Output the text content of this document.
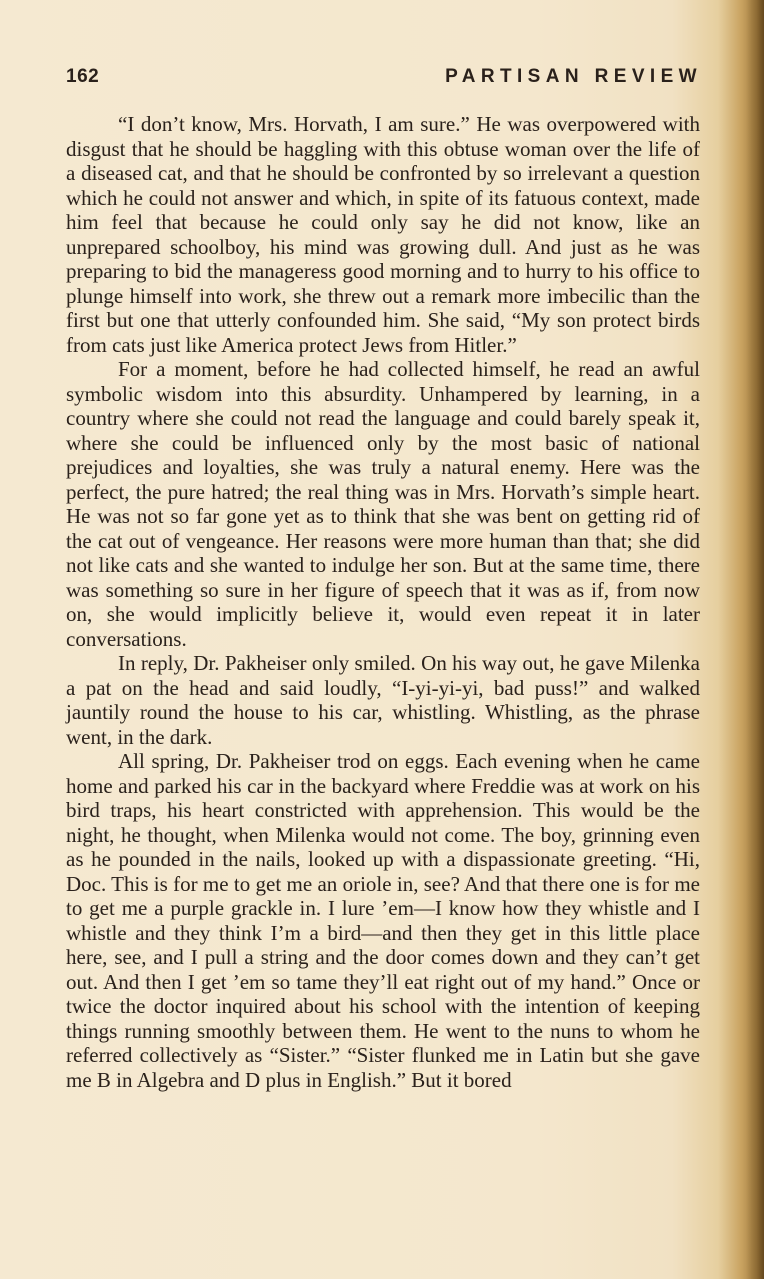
162	PARTISAN REVIEW

“I don’t know, Mrs. Horvath, I am sure.” He was overpowered with disgust that he should be haggling with this obtuse woman over the life of a diseased cat, and that he should be confronted by so irrelevant a question which he could not answer and which, in spite of its fatuous context, made him feel that because he could only say he did not know, like an unprepared schoolboy, his mind was growing dull. And just as he was preparing to bid the manageress good morning and to hurry to his office to plunge himself into work, she threw out a remark more imbecilic than the first but one that utterly confounded him. She said, “My son protect birds from cats just like America protect Jews from Hitler.”

For a moment, before he had collected himself, he read an awful symbolic wisdom into this absurdity. Unhampered by learning, in a country where she could not read the language and could barely speak it, where she could be influenced only by the most basic of national prejudices and loyalties, she was truly a natural enemy. Here was the perfect, the pure hatred; the real thing was in Mrs. Horvath’s simple heart. He was not so far gone yet as to think that she was bent on getting rid of the cat out of vengeance. Her reasons were more human than that; she did not like cats and she wanted to indulge her son. But at the same time, there was something so sure in her figure of speech that it was as if, from now on, she would implicitly believe it, would even repeat it in later conversations.

In reply, Dr. Pakheiser only smiled. On his way out, he gave Milenka a pat on the head and said loudly, “I-yi-yi-yi, bad puss!” and walked jauntily round the house to his car, whistling. Whistling, as the phrase went, in the dark.

All spring, Dr. Pakheiser trod on eggs. Each evening when he came home and parked his car in the backyard where Freddie was at work on his bird traps, his heart constricted with apprehension. This would be the night, he thought, when Milenka would not come. The boy, grinning even as he pounded in the nails, looked up with a dispassionate greeting. “Hi, Doc. This is for me to get me an oriole in, see? And that there one is for me to get me a purple grackle in. I lure ’em—I know how they whistle and I whistle and they think I’m a bird—and then they get in this little place here, see, and I pull a string and the door comes down and they can’t get out. And then I get ’em so tame they’ll eat right out of my hand.” Once or twice the doctor inquired about his school with the intention of keeping things running smoothly between them. He went to the nuns to whom he referred collectively as “Sister.” “Sister flunked me in Latin but she gave me B in Algebra and D plus in English.” But it bored
